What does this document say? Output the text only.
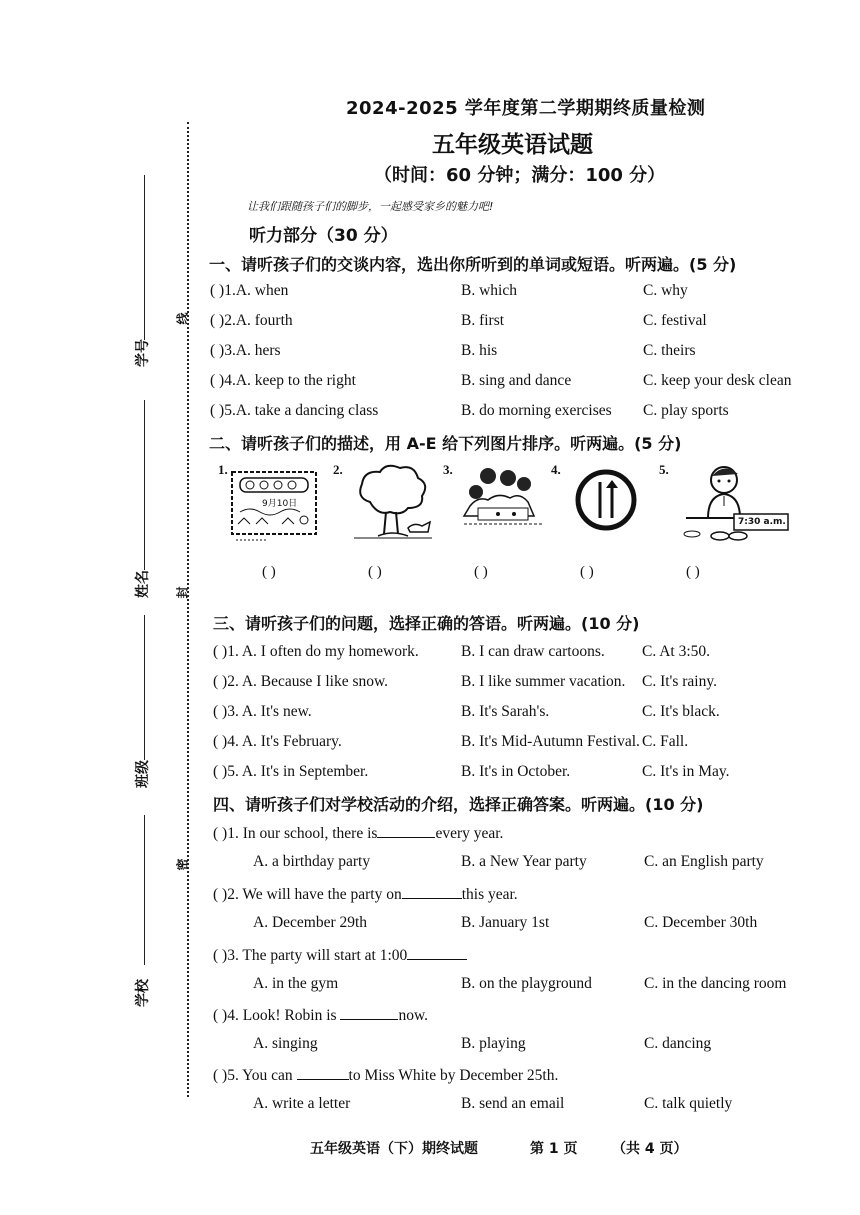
学号
姓名
班级
学校
线
封
密
2024-2025 学年度第二学期期终质量检测
五年级英语试题
（时间：60 分钟；满分：100 分）
让我们跟随孩子们的脚步，一起感受家乡的魅力吧!
听力部分（30 分）
一、请听孩子们的交谈内容，选出你所听到的单词或短语。听两遍。(5 分)
( )1.A. when	B. which	C. why
( )2.A. fourth	B. first	C. festival
( )3.A. hers	B. his	C. theirs
( )4.A. keep to the right	B. sing and dance	C. keep your desk clean
( )5.A. take a dancing class	B. do morning exercises C. play sports
二、请听孩子们的描述，用 A-E 给下列图片排序。听两遍。(5 分)
1.	2.	3.	4.	5.
9月10日
7:30 a.m.
( )	( )	( )	( )	( )
三、请听孩子们的问题，选择正确的答语。听两遍。(10 分)
( )1. A. I often do my homework.	B. I can draw cartoons. C. At 3:50.
( )2. A. Because I like snow.	B. I like summer vacation. C. It's rainy.
( )3. A. It's new.	B. It's Sarah's.	C. It's black.
( )4. A. It's February.	B. It's Mid-Autumn Festival. C. Fall.
( )5. A. It's in September.	B. It's in October.	C. It's in May.
四、请听孩子们对学校活动的介绍，选择正确答案。听两遍。(10 分)
( )1. In our school, there is	every year.
A. a birthday party	B. a New Year party	C. an English party
( )2. We will have the party on	this year.
A. December 29th	B. January 1st	C. December 30th
( )3. The party will start at 1:00
A. in the gym	B. on the playground	C. in the dancing room
( )4. Look! Robin is	now.
A. singing	B. playing	C. dancing
( )5. You can	to Miss White by December 25th.
A. write a letter	B. send an email	C. talk quietly
五年级英语（下）期终试题	第 1 页 （共 4 页）
